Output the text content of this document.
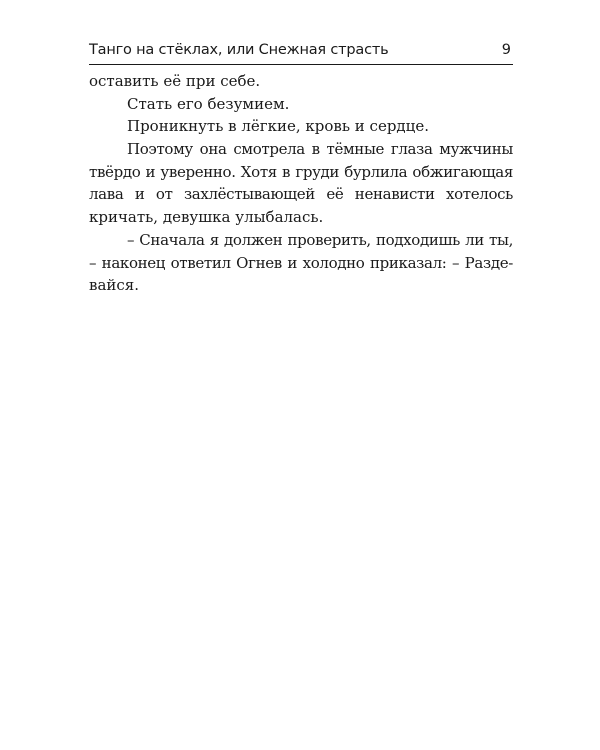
Танго на стёклах, или Снежная страсть	9
оставить её при себе.
Стать его безумием.
Проникнуть в лёгкие, кровь и сердце.
Поэтому она смотрела в тёмные глаза мужчины
твёрдо и уверенно. Хотя в груди бурлила обжигающая
лава и от захлёстывающей её ненависти хотелось
кричать, девушка улыбалась.
– Сначала я должен проверить, подходишь ли ты,
– наконец ответил Огнев и холодно приказал: – Разде-
вайся.
